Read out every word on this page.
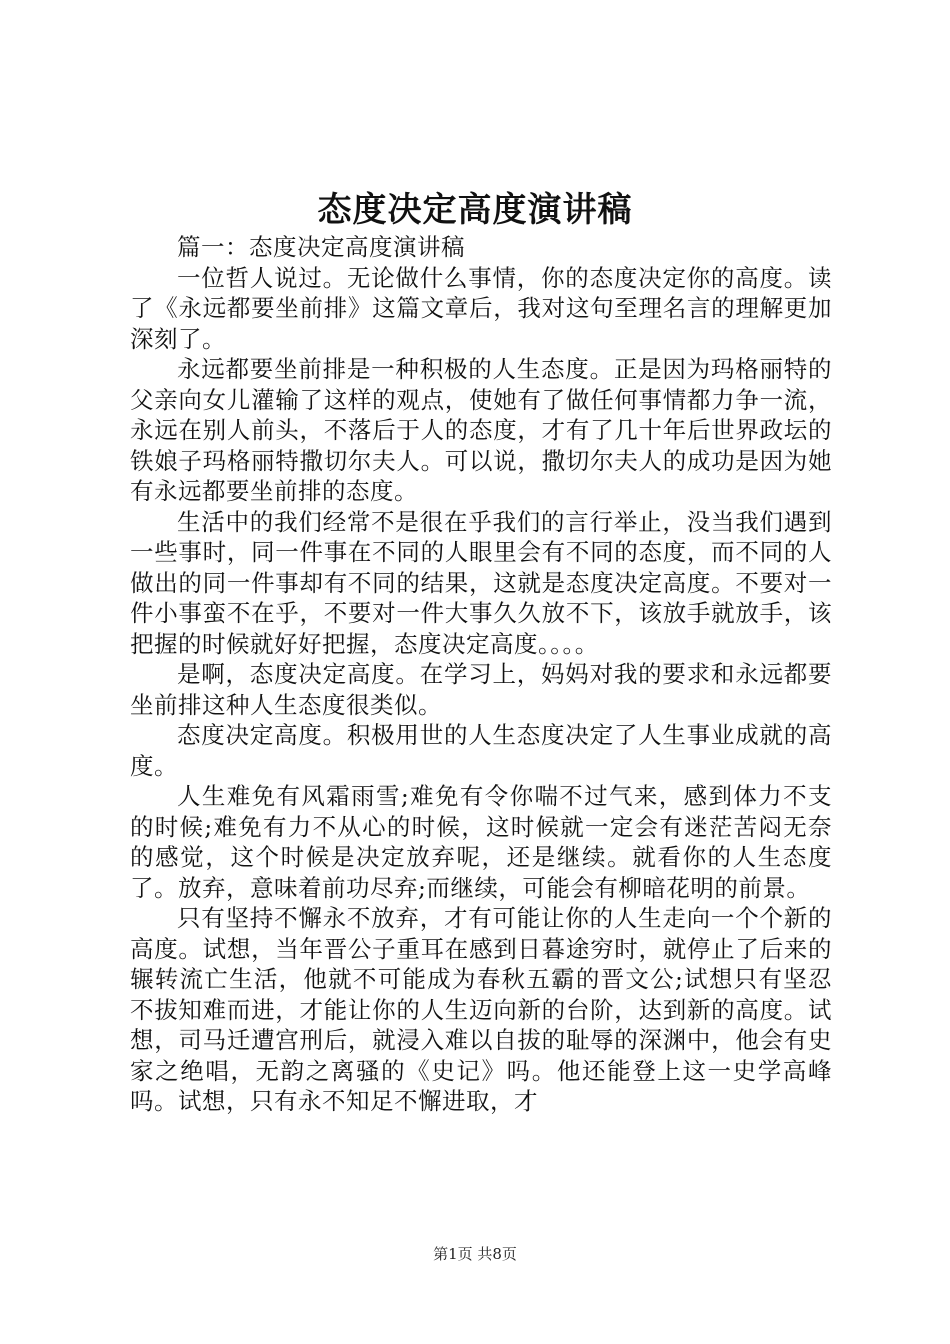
态度决定高度演讲稿

篇一：态度决定高度演讲稿

一位哲人说过。无论做什么事情，你的态度决定你的高度。读了《永远都要坐前排》这篇文章后，我对这句至理名言的理解更加深刻了。

永远都要坐前排是一种积极的人生态度。正是因为玛格丽特的父亲向女儿灌输了这样的观点，使她有了做任何事情都力争一流，永远在别人前头，不落后于人的态度，才有了几十年后世界政坛的铁娘子玛格丽特撒切尔夫人。可以说，撒切尔夫人的成功是因为她有永远都要坐前排的态度。

生活中的我们经常不是很在乎我们的言行举止，没当我们遇到一些事时，同一件事在不同的人眼里会有不同的态度，而不同的人做出的同一件事却有不同的结果，这就是态度决定高度。不要对一件小事蛮不在乎，不要对一件大事久久放不下，该放手就放手，该把握的时候就好好把握，态度决定高度。。。。

是啊，态度决定高度。在学习上，妈妈对我的要求和永远都要坐前排这种人生态度很类似。

态度决定高度。积极用世的人生态度决定了人生事业成就的高度。

人生难免有风霜雨雪;难免有令你喘不过气来，感到体力不支的时候;难免有力不从心的时候，这时候就一定会有迷茫苦闷无奈的感觉，这个时候是决定放弃呢，还是继续。就看你的人生态度了。放弃，意味着前功尽弃;而继续，可能会有柳暗花明的前景。

只有坚持不懈永不放弃，才有可能让你的人生走向一个个新的高度。试想，当年晋公子重耳在感到日暮途穷时，就停止了后来的辗转流亡生活，他就不可能成为春秋五霸的晋文公;试想只有坚忍不拔知难而进，才能让你的人生迈向新的台阶，达到新的高度。试想，司马迁遭宫刑后，就浸入难以自拔的耻辱的深渊中，他会有史家之绝唱，无韵之离骚的《史记》吗。他还能登上这一史学高峰吗。试想，只有永不知足不懈进取，才

第1页 共8页
